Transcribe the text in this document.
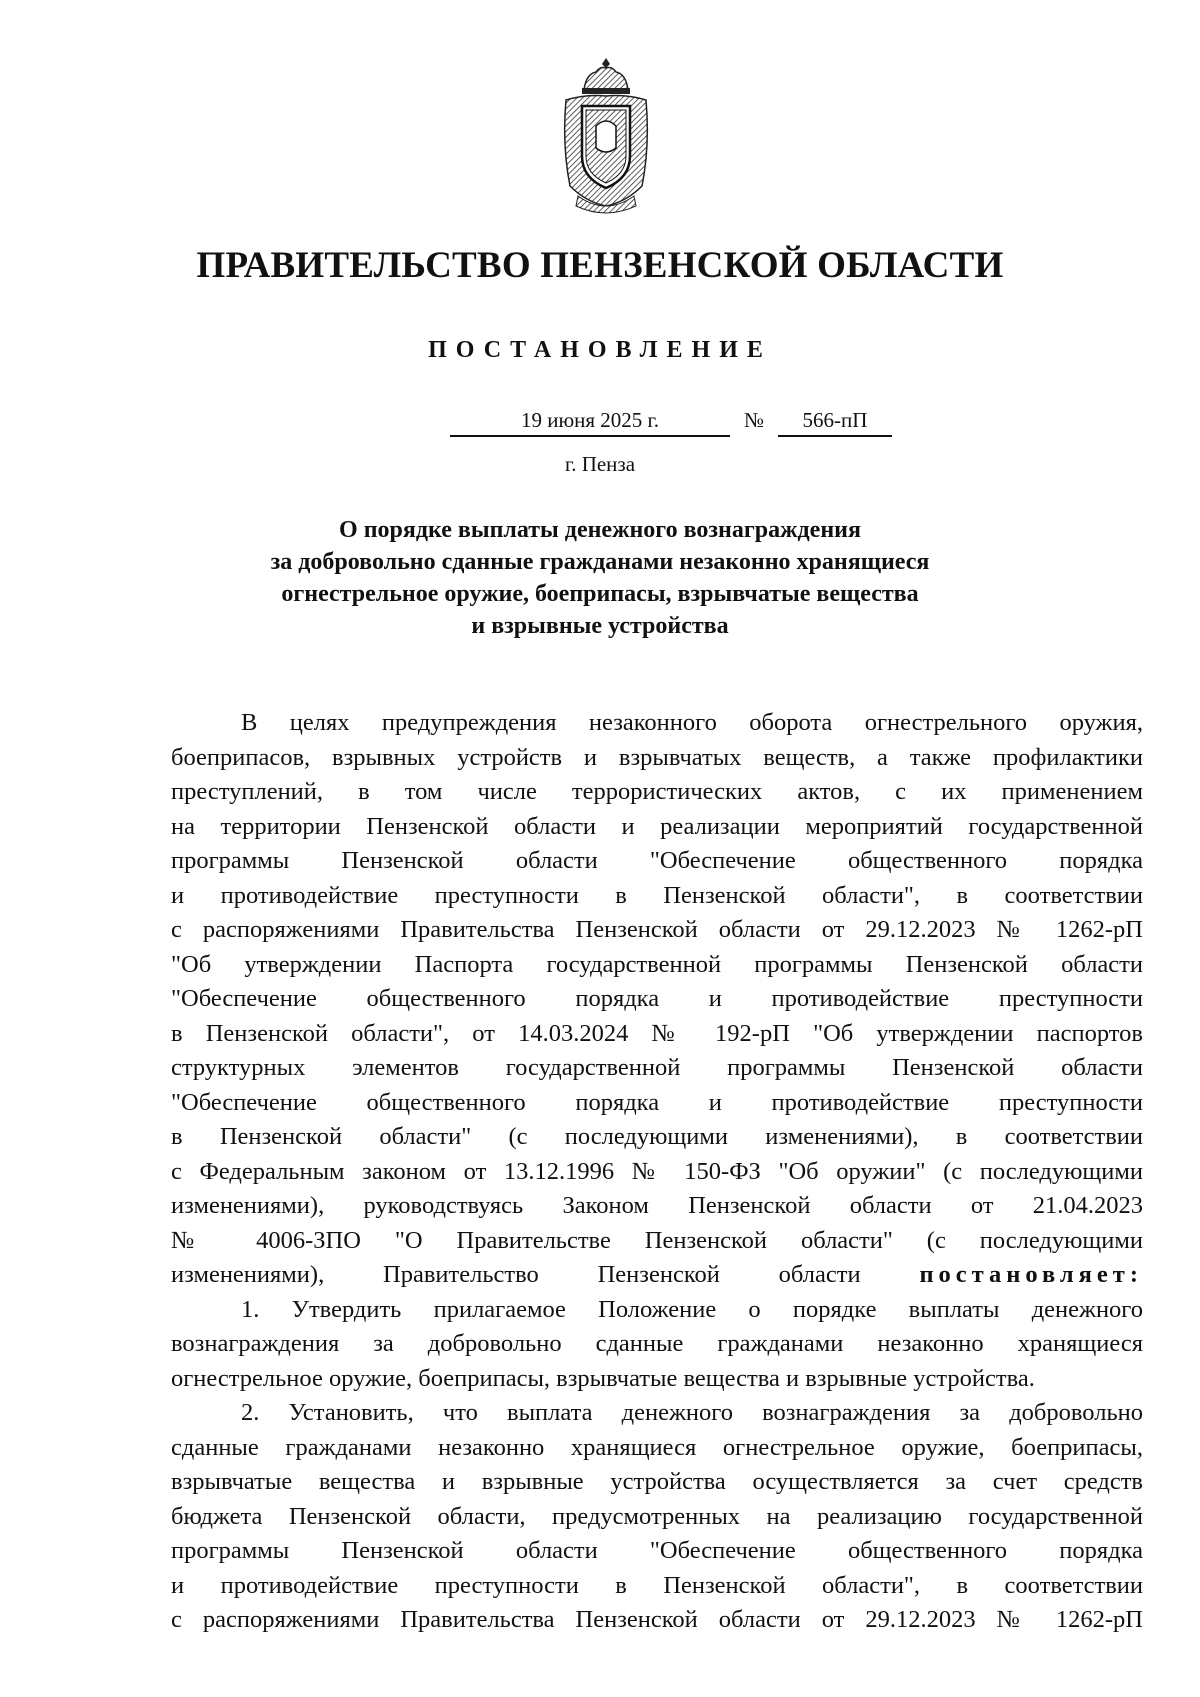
ПРАВИТЕЛЬСТВО ПЕНЗЕНСКОЙ ОБЛАСТИ
ПОСТАНОВЛЕНИЕ
19 июня 2025 г.	№	566-пП
г. Пенза
О порядке выплаты денежного вознаграждения
за добровольно сданные гражданами незаконно хранящиеся
огнестрельное оружие, боеприпасы, взрывчатые вещества
и взрывные устройства
В целях предупреждения незаконного оборота огнестрельного оружия,
боеприпасов, взрывных устройств и взрывчатых веществ, а также профилактики
преступлений, в том числе террористических актов, с их применением
на территории Пензенской области и реализации мероприятий государственной
программы Пензенской области "Обеспечение общественного порядка
и противодействие преступности в Пензенской области", в соответствии
с распоряжениями Правительства Пензенской области от 29.12.2023 № 1262-рП
"Об утверждении Паспорта государственной программы Пензенской области
"Обеспечение общественного порядка и противодействие преступности
в Пензенской области", от 14.03.2024 № 192-рП "Об утверждении паспортов
структурных элементов государственной программы Пензенской области
"Обеспечение общественного порядка и противодействие преступности
в Пензенской области" (с последующими изменениями), в соответствии
с Федеральным законом от 13.12.1996 № 150-ФЗ "Об оружии" (с последующими
изменениями), руководствуясь Законом Пензенской области от 21.04.2023
№ 4006-ЗПО "О Правительстве Пензенской области" (с последующими
изменениями), Правительство Пензенской области постановляет:
1. Утвердить прилагаемое Положение о порядке выплаты денежного
вознаграждения за добровольно сданные гражданами незаконно хранящиеся
огнестрельное оружие, боеприпасы, взрывчатые вещества и взрывные устройства.
2. Установить, что выплата денежного вознаграждения за добровольно
сданные гражданами незаконно хранящиеся огнестрельное оружие, боеприпасы,
взрывчатые вещества и взрывные устройства осуществляется за счет средств
бюджета Пензенской области, предусмотренных на реализацию государственной
программы Пензенской области "Обеспечение общественного порядка
и противодействие преступности в Пензенской области", в соответствии
с распоряжениями Правительства Пензенской области от 29.12.2023 № 1262-рП
